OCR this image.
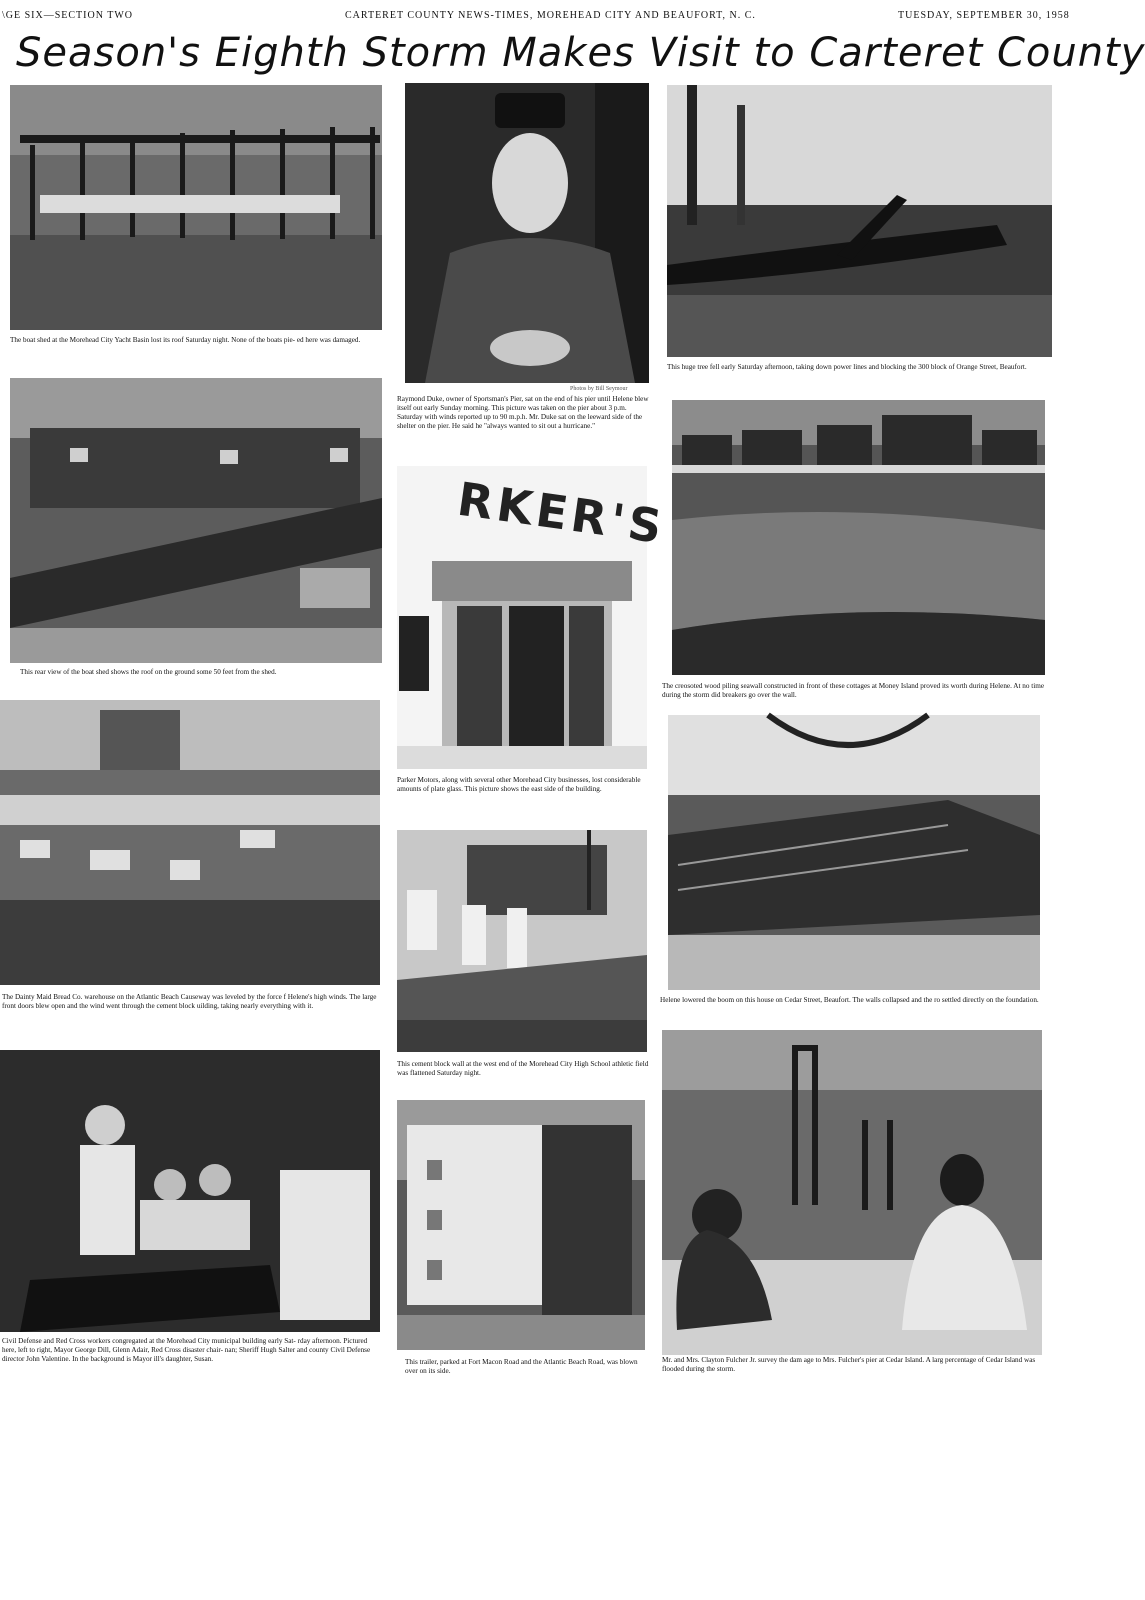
\GE SIX—SECTION TWO	CARTERET COUNTY NEWS-TIMES, MOREHEAD CITY AND BEAUFORT, N. C.	TUESDAY, SEPTEMBER 30, 1958
Season's Eighth Storm Makes Visit to Carteret County
The boat shed at the Morehead City Yacht Basin lost its roof Saturday night. None of the boats pie- ed here was damaged.
This rear view of the boat shed shows the roof on the ground some 50 feet from the shed.
The Dainty Maid Bread Co. warehouse on the Atlantic Beach Causeway was leveled by the force f Helene's high winds. The large front doors blew open and the wind went through the cement block uilding, taking nearly everything with it.
Civil Defense and Red Cross workers congregated at the Morehead City municipal building early Sat- rday afternoon. Pictured here, left to right, Mayor George Dill, Glenn Adair, Red Cross disaster chair- nan; Sheriff Hugh Salter and county Civil Defense director John Valentine. In the background is Mayor ill's daughter, Susan.
Photos by Bill Seymour
Raymond Duke, owner of Sportsman's Pier, sat on the end of his pier until Helene blew itself out early Sunday morning. This picture was taken on the pier about 3 p.m. Saturday with winds reported up to 90 m.p.h. Mr. Duke sat on the leeward side of the shelter on the pier. He said he "always wanted to sit out a hurricane."
RKER'S
Parker Motors, along with several other Morehead City businesses, lost considerable amounts of plate glass. This picture shows the east side of the building.
This cement block wall at the west end of the Morehead City High School athletic field was flattened Saturday night.
This trailer, parked at Fort Macon Road and the Atlantic Beach Road, was blown over on its side.
This huge tree fell early Saturday afternoon, taking down power lines and blocking the 300 block of Orange Street, Beaufort.
The creosoted wood piling seawall constructed in front of these cottages at Money Island proved its worth during Helene. At no time during the storm did breakers go over the wall.
Helene lowered the boom on this house on Cedar Street, Beaufort. The walls collapsed and the ro settled directly on the foundation.
Mr. and Mrs. Clayton Fulcher Jr. survey the dam age to Mrs. Fulcher's pier at Cedar Island. A larg percentage of Cedar Island was flooded during the storm.
